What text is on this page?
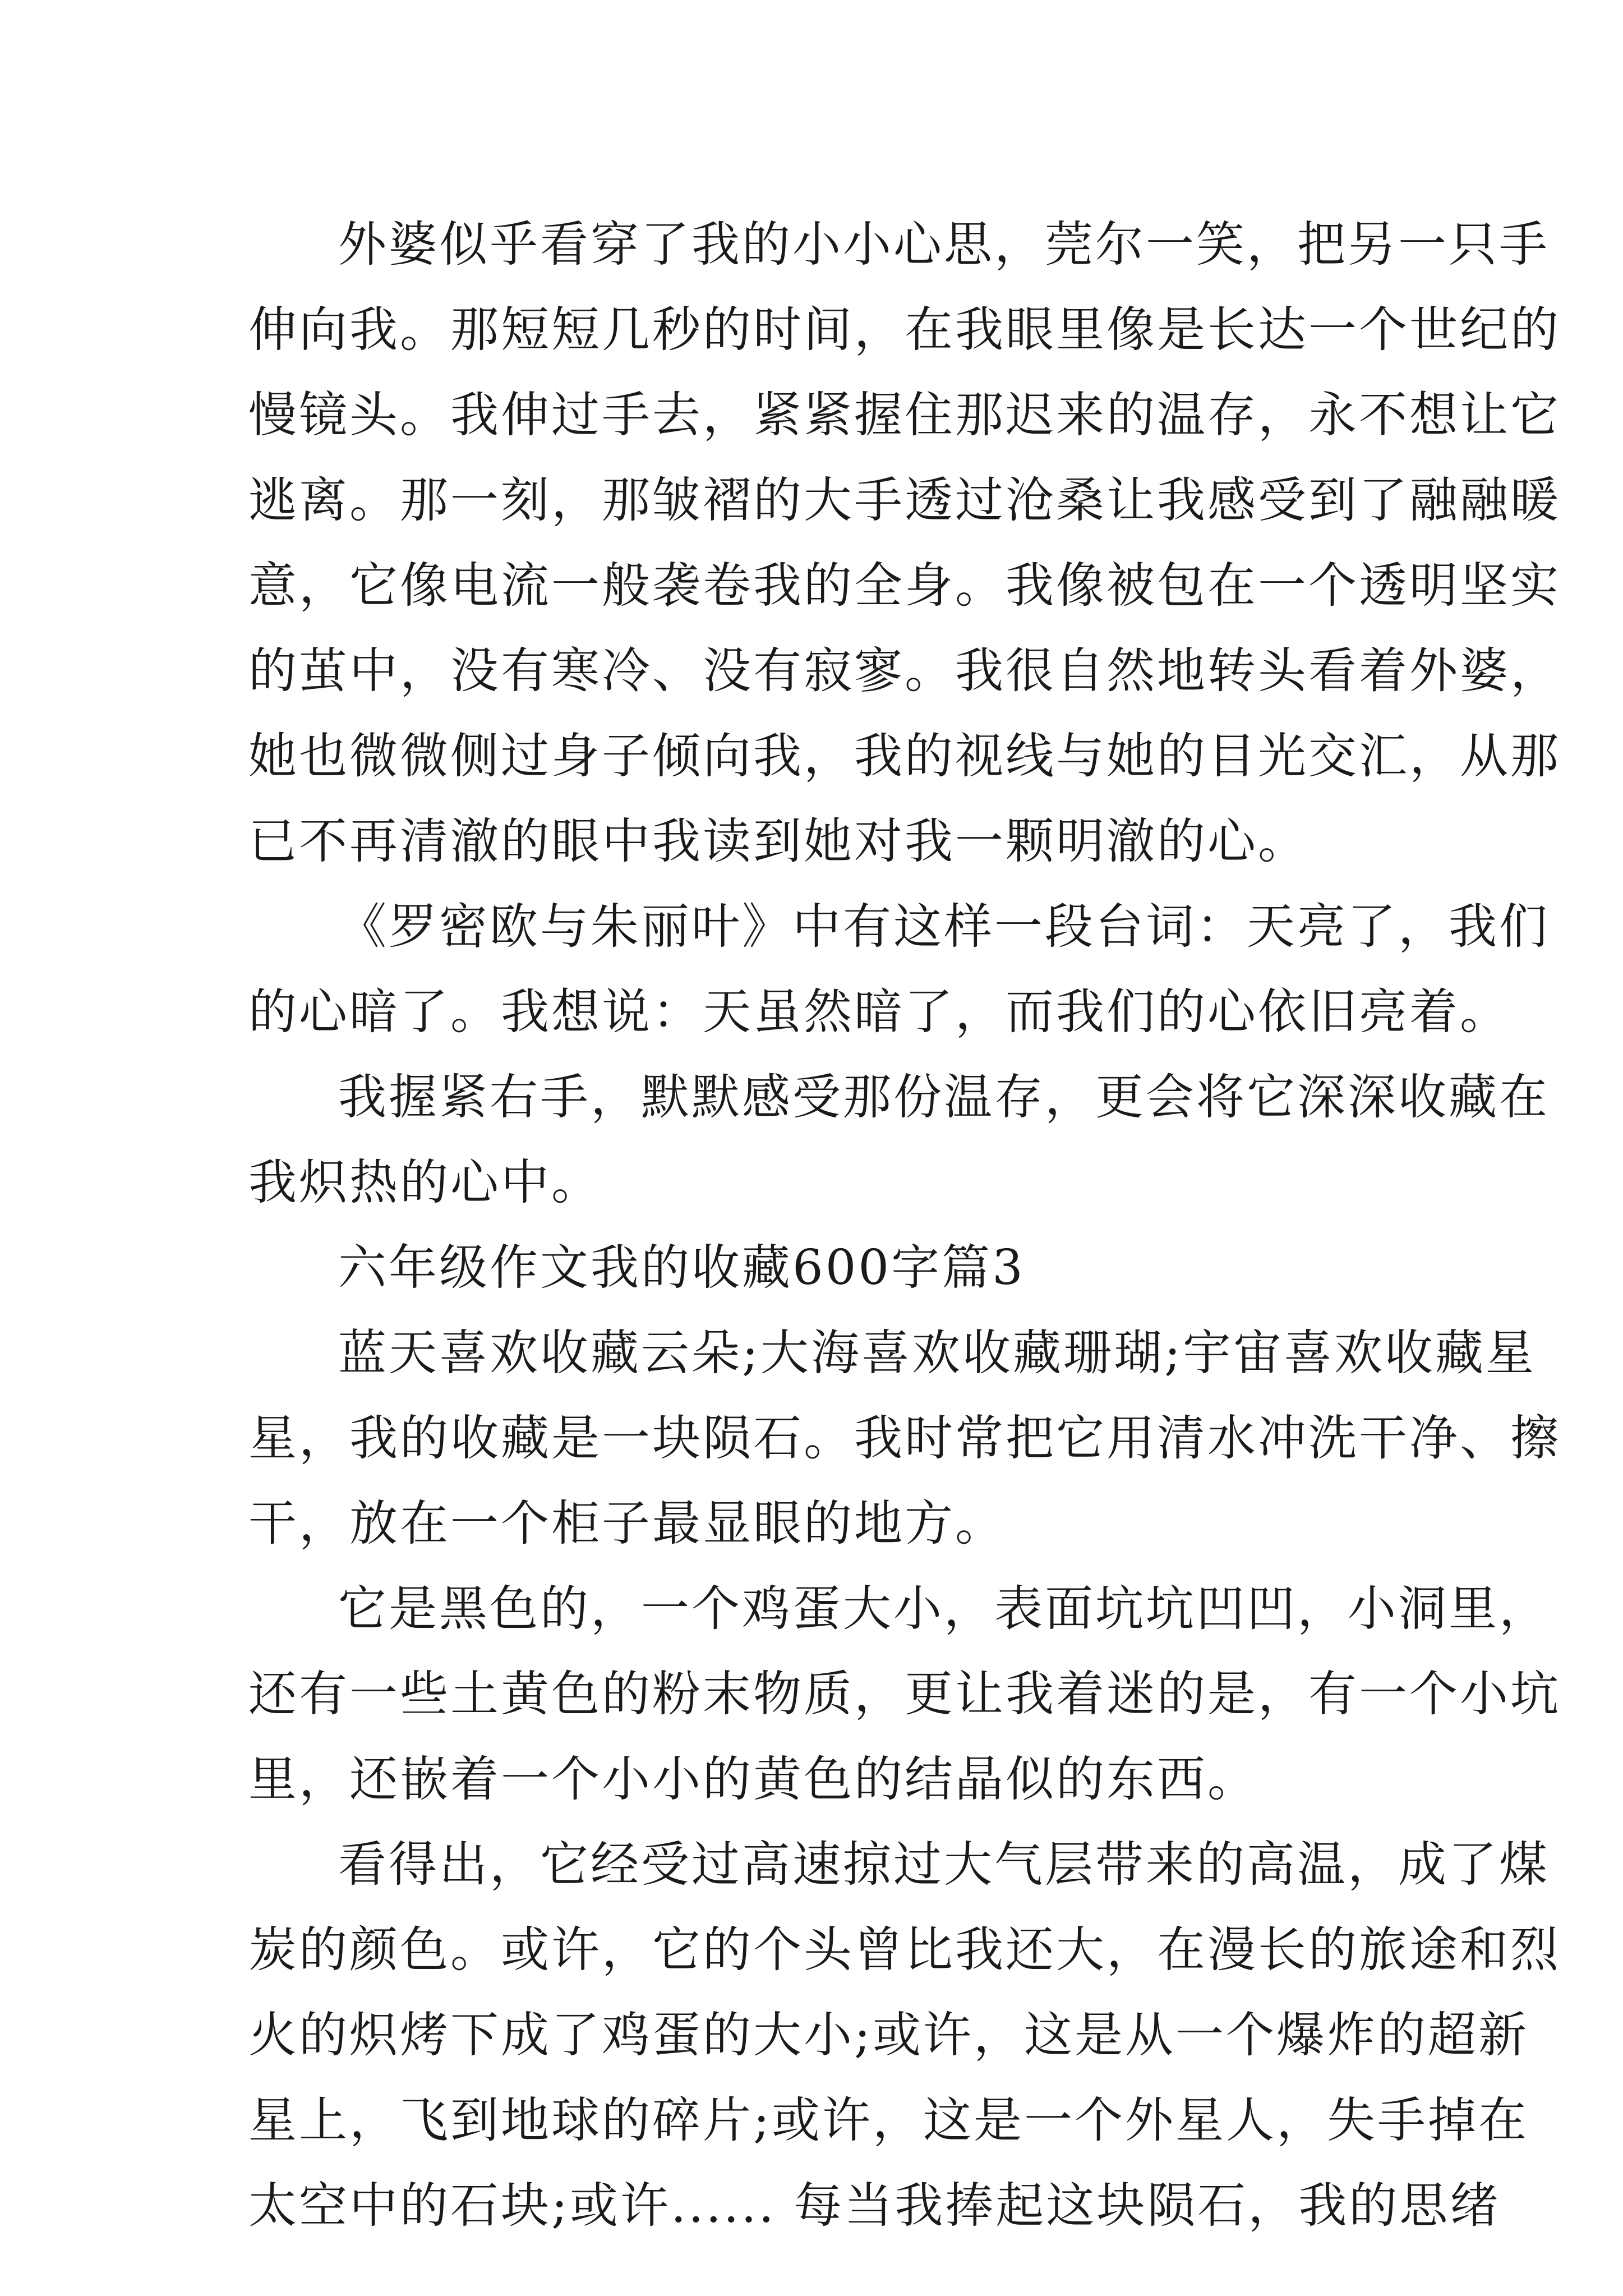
外婆似乎看穿了我的小小心思，莞尔一笑，把另一只手
伸向我。那短短几秒的时间，在我眼里像是长达一个世纪的
慢镜头。我伸过手去，紧紧握住那迟来的温存，永不想让它
逃离。那一刻，那皱褶的大手透过沧桑让我感受到了融融暖
意，它像电流一般袭卷我的全身。我像被包在一个透明坚实
的茧中，没有寒冷、没有寂寥。我很自然地转头看着外婆，
她也微微侧过身子倾向我，我的视线与她的目光交汇，从那
已不再清澈的眼中我读到她对我一颗明澈的心。
《罗密欧与朱丽叶》中有这样一段台词：天亮了，我们
的心暗了。我想说：天虽然暗了，而我们的心依旧亮着。
我握紧右手，默默感受那份温存，更会将它深深收藏在
我炽热的心中。
六年级作文我的收藏600字篇3
蓝天喜欢收藏云朵;大海喜欢收藏珊瑚;宇宙喜欢收藏星
星，我的收藏是一块陨石。我时常把它用清水冲洗干净、擦
干，放在一个柜子最显眼的地方。
它是黑色的，一个鸡蛋大小，表面坑坑凹凹，小洞里，
还有一些土黄色的粉末物质，更让我着迷的是，有一个小坑
里，还嵌着一个小小的黄色的结晶似的东西。
看得出，它经受过高速掠过大气层带来的高温，成了煤
炭的颜色。或许，它的个头曾比我还大，在漫长的旅途和烈
火的炽烤下成了鸡蛋的大小;或许，这是从一个爆炸的超新
星上，飞到地球的碎片;或许，这是一个外星人，失手掉在
太空中的石块;或许...... 每当我捧起这块陨石，我的思绪
